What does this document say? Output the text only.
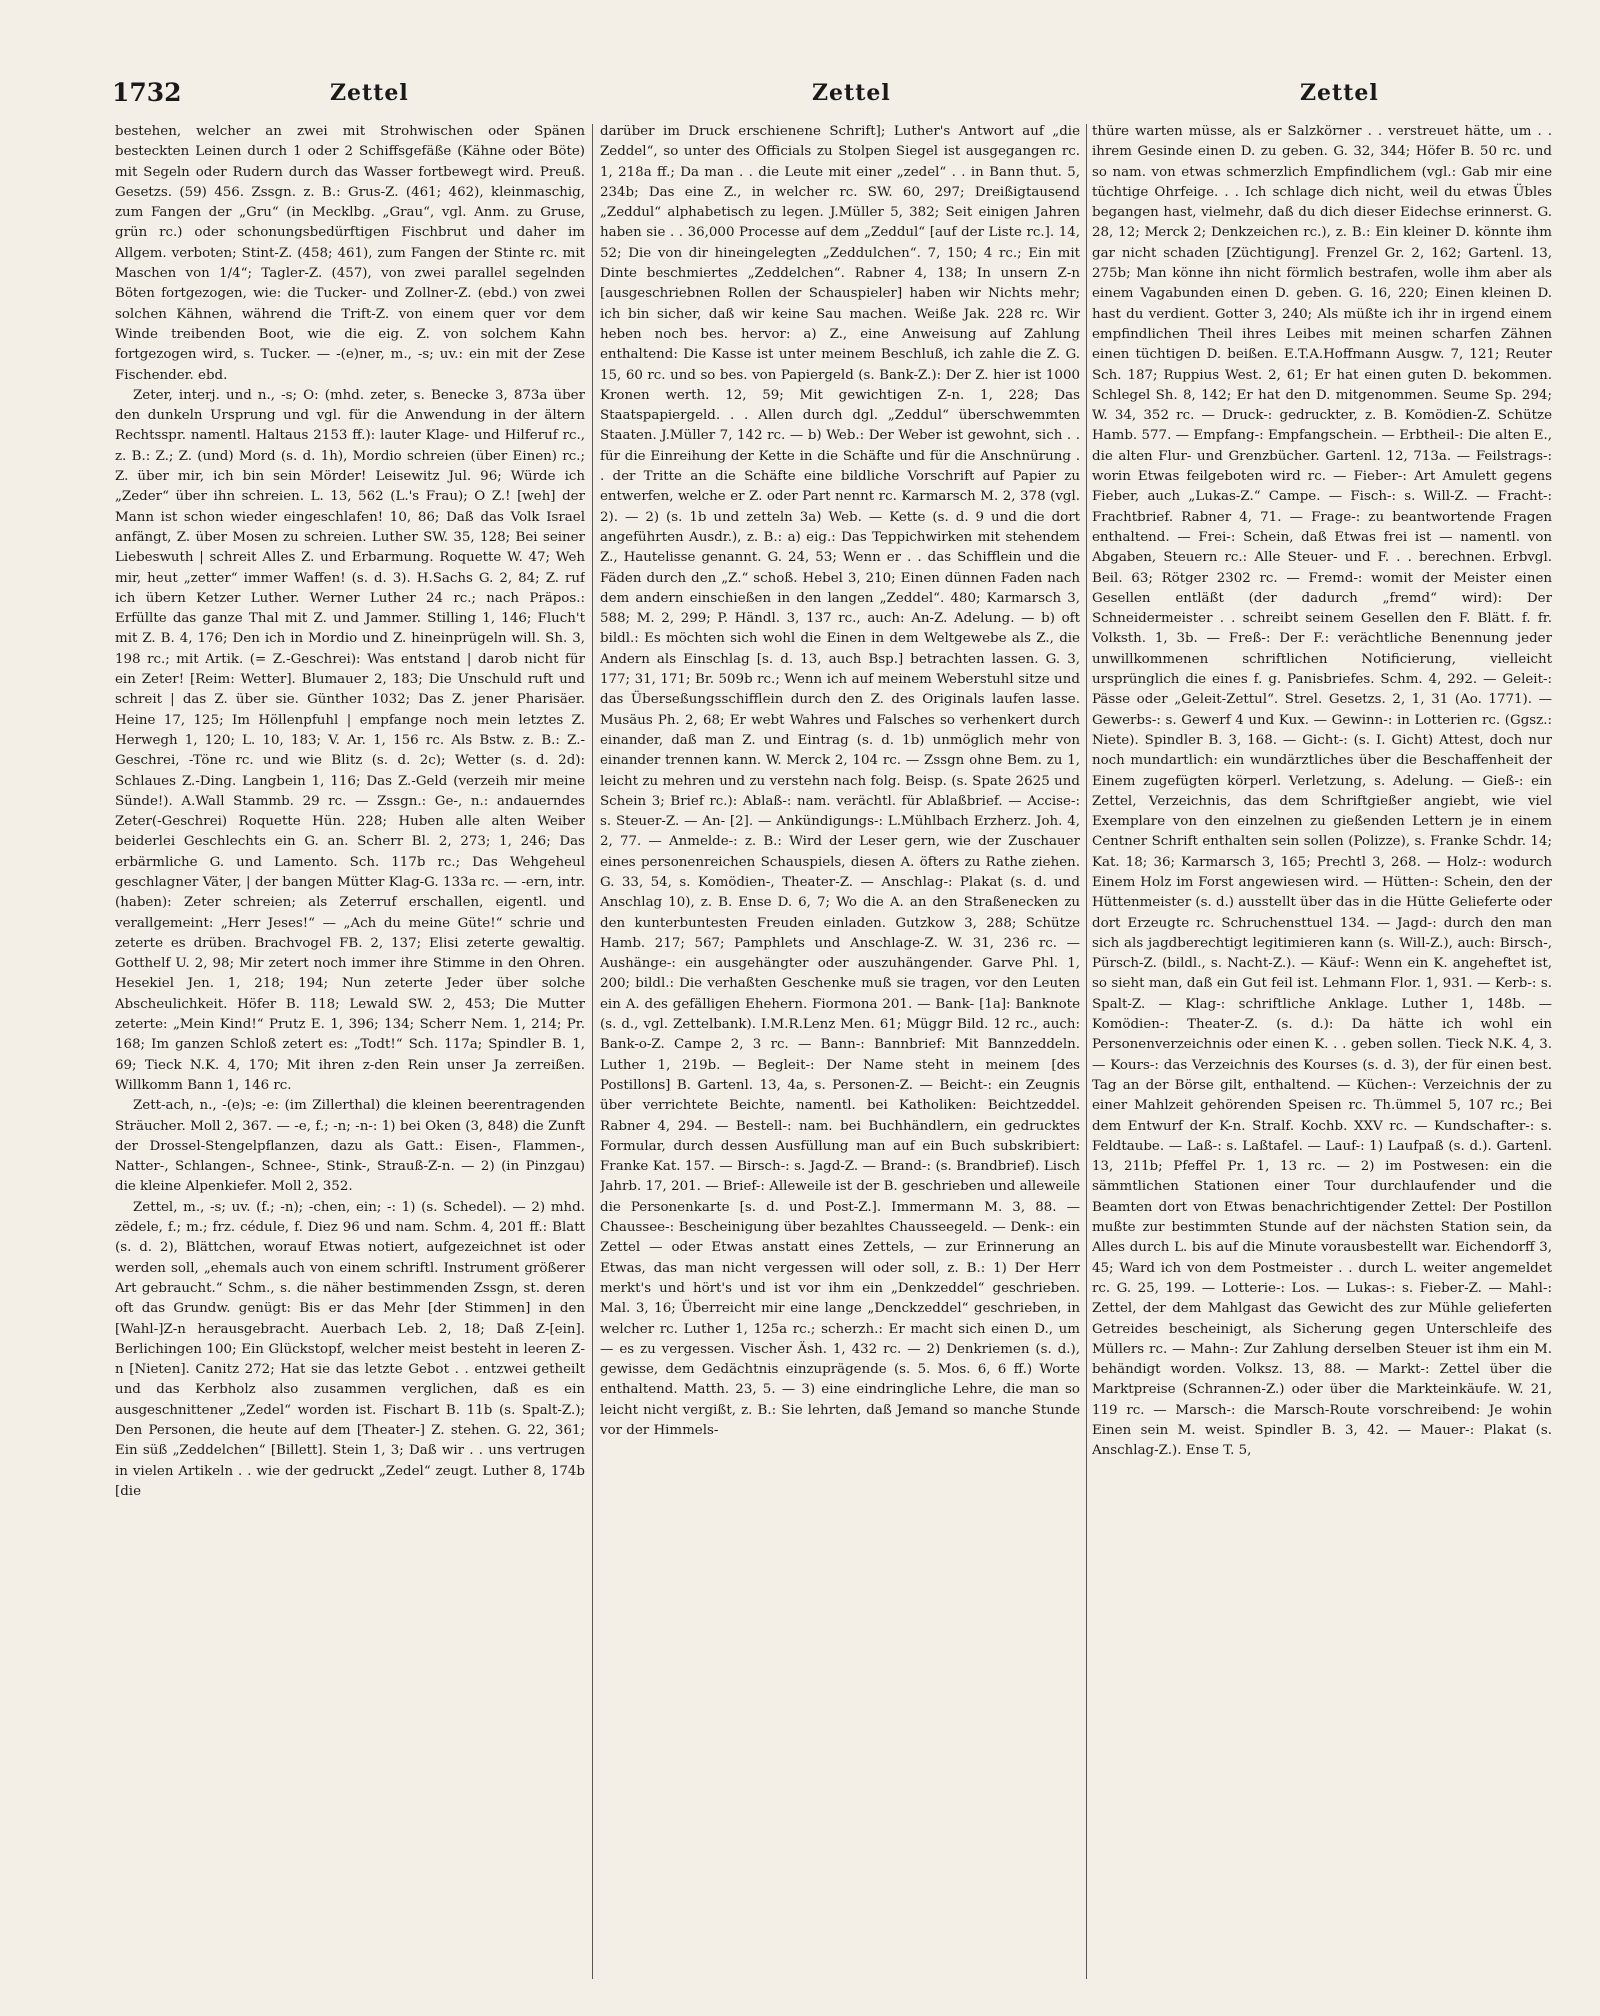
1732	Zettel	Zettel	Zettel

bestehen, welcher an zwei mit Strohwischen oder Spänen besteckten Leinen durch 1 oder 2 Schiffsgefäße (Kähne oder Böte) mit Segeln oder Rudern durch das Wasser fortbewegt wird. Preuß. Gesetzs. (59) 456. Zssgn. z. B.: Grus-Z. (461; 462), kleinmaschig, zum Fangen der „Gru“ (in Mecklbg. „Grau“, vgl. Anm. zu Gruse, grün rc.) oder schonungsbedürftigen Fischbrut und daher im Allgem. verboten; Stint-Z. (458; 461), zum Fangen der Stinte rc. mit Maschen von 1/4“; Tagler-Z. (457), von zwei parallel segelnden Böten fortgezogen, wie: die Tucker- und Zollner-Z. (ebd.) von zwei solchen Kähnen, während die Trift-Z. von einem quer vor dem Winde treibenden Boot, wie die eig. Z. von solchem Kahn fortgezogen wird, s. Tucker. — -(e)ner, m., -s; uv.: ein mit der Zese Fischender. ebd.

Zeter, interj. und n., -s; O: (mhd. zeter, s. Benecke 3, 873a über den dunkeln Ursprung und vgl. für die Anwendung in der ältern Rechtsspr. namentl. Haltaus 2153 ff.): lauter Klage- und Hilferuf rc., z. B.: Z.; Z. (und) Mord (s. d. 1h), Mordio schreien (über Einen) rc.; Z. über mir, ich bin sein Mörder! Leisewitz Jul. 96; Würde ich „Zeder“ über ihn schreien. L. 13, 562 (L.'s Frau); O Z.! [weh] der Mann ist schon wieder eingeschlafen! 10, 86; Daß das Volk Israel anfängt, Z. über Mosen zu schreien. Luther SW. 35, 128; Bei seiner Liebeswuth | schreit Alles Z. und Erbarmung. Roquette W. 47; Weh mir, heut „zetter“ immer Waffen! (s. d. 3). H.Sachs G. 2, 84; Z. ruf ich übern Ketzer Luther. Werner Luther 24 rc.; nach Präpos.: Erfüllte das ganze Thal mit Z. und Jammer. Stilling 1, 146; Fluch't mit Z. B. 4, 176; Den ich in Mordio und Z. hineinprügeln will. Sh. 3, 198 rc.; mit Artik. (= Z.-Geschrei): Was entstand | darob nicht für ein Zeter! [Reim: Wetter]. Blumauer 2, 183; Die Unschuld ruft und schreit | das Z. über sie. Günther 1032; Das Z. jener Pharisäer. Heine 17, 125; Im Höllenpfuhl | empfange noch mein letztes Z. Herwegh 1, 120; L. 10, 183; V. Ar. 1, 156 rc. Als Bstw. z. B.: Z.-Geschrei, -Töne rc. und wie Blitz (s. d. 2c); Wetter (s. d. 2d): Schlaues Z.-Ding. Langbein 1, 116; Das Z.-Geld (verzeih mir meine Sünde!). A.Wall Stammb. 29 rc. — Zssgn.: Ge-, n.: andauerndes Zeter(-Geschrei) Roquette Hün. 228; Huben alle alten Weiber beiderlei Geschlechts ein G. an. Scherr Bl. 2, 273; 1, 246; Das erbärmliche G. und Lamento. Sch. 117b rc.; Das Wehgeheul geschlagner Väter, | der bangen Mütter Klag-G. 133a rc. — -ern, intr. (haben): Zeter schreien; als Zeterruf erschallen, eigentl. und verallgemeint: „Herr Jeses!“ — „Ach du meine Güte!“ schrie und zeterte es drüben. Brachvogel FB. 2, 137; Elisi zeterte gewaltig. Gotthelf U. 2, 98; Mir zetert noch immer ihre Stimme in den Ohren. Hesekiel Jen. 1, 218; 194; Nun zeterte Jeder über solche Abscheulichkeit. Höfer B. 118; Lewald SW. 2, 453; Die Mutter zeterte: „Mein Kind!“ Prutz E. 1, 396; 134; Scherr Nem. 1, 214; Pr. 168; Im ganzen Schloß zetert es: „Todt!“ Sch. 117a; Spindler B. 1, 69; Tieck N.K. 4, 170; Mit ihren z-den Rein unser Ja zerreißen. Willkomm Bann 1, 146 rc.

Zett-ach, n., -(e)s; -e: (im Zillerthal) die kleinen beerentragenden Sträucher. Moll 2, 367. — -e, f.; -n; -n-: 1) bei Oken (3, 848) die Zunft der Drossel-Stengelpflanzen, dazu als Gatt.: Eisen-, Flammen-, Natter-, Schlangen-, Schnee-, Stink-, Strauß-Z-n. — 2) (in Pinzgau) die kleine Alpenkiefer. Moll 2, 352.

Zettel, m., -s; uv. (f.; -n); -chen, ein; -: 1) (s. Schedel). — 2) mhd. zëdele, f.; m.; frz. cédule, f. Diez 96 und nam. Schm. 4, 201 ff.: Blatt (s. d. 2), Blättchen, worauf Etwas notiert, aufgezeichnet ist oder werden soll, „ehemals auch von einem schriftl. Instrument größerer Art gebraucht.“ Schm., s. die näher bestimmenden Zssgn, st. deren oft das Grundw. genügt: Bis er das Mehr [der Stimmen] in den [Wahl-]Z-n herausgebracht. Auerbach Leb. 2, 18; Daß Z-[ein]. Berlichingen 100; Ein Glückstopf, welcher meist besteht in leeren Z-n [Nieten]. Canitz 272; Hat sie das letzte Gebot . . entzwei getheilt und das Kerbholz also zusammen verglichen, daß es ein ausgeschnittener „Zedel“ worden ist. Fischart B. 11b (s. Spalt-Z.); Den Personen, die heute auf dem [Theater-] Z. stehen. G. 22, 361; Ein süß „Zeddelchen“ [Billett]. Stein 1, 3; Daß wir . . uns vertrugen in vielen Artikeln . . wie der gedruckt „Zedel“ zeugt. Luther 8, 174b [die

darüber im Druck erschienene Schrift]; Luther's Antwort auf „die Zeddel“, so unter des Officials zu Stolpen Siegel ist ausgegangen rc. 1, 218a ff.; Da man . . die Leute mit einer „zedel“ . . in Bann thut. 5, 234b; Das eine Z., in welcher rc. SW. 60, 297; Dreißigtausend „Zeddul“ alphabetisch zu legen. J.Müller 5, 382; Seit einigen Jahren haben sie . . 36,000 Processe auf dem „Zeddul“ [auf der Liste rc.]. 14, 52; Die von dir hineingelegten „Zeddulchen“. 7, 150; 4 rc.; Ein mit Dinte beschmiertes „Zeddelchen“. Rabner 4, 138; In unsern Z-n [ausgeschriebnen Rollen der Schauspieler] haben wir Nichts mehr; ich bin sicher, daß wir keine Sau machen. Weiße Jak. 228 rc. Wir heben noch bes. hervor: a) Z., eine Anweisung auf Zahlung enthaltend: Die Kasse ist unter meinem Beschluß, ich zahle die Z. G. 15, 60 rc. und so bes. von Papiergeld (s. Bank-Z.): Der Z. hier ist 1000 Kronen werth. 12, 59; Mit gewichtigen Z-n. 1, 228; Das Staatspapiergeld. . . Allen durch dgl. „Zeddul“ überschwemmten Staaten. J.Müller 7, 142 rc. — b) Web.: Der Weber ist gewohnt, sich . . für die Einreihung der Kette in die Schäfte und für die Anschnürung . . der Tritte an die Schäfte eine bildliche Vorschrift auf Papier zu entwerfen, welche er Z. oder Part nennt rc. Karmarsch M. 2, 378 (vgl. 2). — 2) (s. 1b und zetteln 3a) Web. — Kette (s. d. 9 und die dort angeführten Ausdr.), z. B.: a) eig.: Das Teppichwirken mit stehendem Z., Hautelisse genannt. G. 24, 53; Wenn er . . das Schifflein und die Fäden durch den „Z.“ schoß. Hebel 3, 210; Einen dünnen Faden nach dem andern einschießen in den langen „Zeddel“. 480; Karmarsch 3, 588; M. 2, 299; P. Händl. 3, 137 rc., auch: An-Z. Adelung. — b) oft bildl.: Es möchten sich wohl die Einen in dem Weltgewebe als Z., die Andern als Einschlag [s. d. 13, auch Bsp.] betrachten lassen. G. 3, 177; 31, 171; Br. 509b rc.; Wenn ich auf meinem Weberstuhl sitze und das Überseßungsschifflein durch den Z. des Originals laufen lasse. Musäus Ph. 2, 68; Er webt Wahres und Falsches so verhenkert durch einander, daß man Z. und Eintrag (s. d. 1b) unmöglich mehr von einander trennen kann. W. Merck 2, 104 rc. — Zssgn ohne Bem. zu 1, leicht zu mehren und zu verstehn nach folg. Beisp. (s. Spate 2625 und Schein 3; Brief rc.): Ablaß-: nam. verächtl. für Ablaßbrief. — Accise-: s. Steuer-Z. — An- [2]. — Ankündigungs-: L.Mühlbach Erzherz. Joh. 4, 2, 77. — Anmelde-: z. B.: Wird der Leser gern, wie der Zuschauer eines personenreichen Schauspiels, diesen A. öfters zu Rathe ziehen. G. 33, 54, s. Komödien-, Theater-Z. — Anschlag-: Plakat (s. d. und Anschlag 10), z. B. Ense D. 6, 7; Wo die A. an den Straßenecken zu den kunterbuntesten Freuden einladen. Gutzkow 3, 288; Schütze Hamb. 217; 567; Pamphlets und Anschlage-Z. W. 31, 236 rc. — Aushänge-: ein ausgehängter oder auszuhängender. Garve Phl. 1, 200; bildl.: Die verhaßten Geschenke muß sie tragen, vor den Leuten ein A. des gefälligen Ehehern. Fiormona 201. — Bank- [1a]: Banknote (s. d., vgl. Zettelbank). I.M.R.Lenz Men. 61; Müggr Bild. 12 rc., auch: Bank-o-Z. Campe 2, 3 rc. — Bann-: Bannbrief: Mit Bannzeddeln. Luther 1, 219b. — Begleit-: Der Name steht in meinem [des Postillons] B. Gartenl. 13, 4a, s. Personen-Z. — Beicht-: ein Zeugnis über verrichtete Beichte, namentl. bei Katholiken: Beichtzeddel. Rabner 4, 294. — Bestell-: nam. bei Buchhändlern, ein gedrucktes Formular, durch dessen Ausfüllung man auf ein Buch subskribiert: Franke Kat. 157. — Birsch-: s. Jagd-Z. — Brand-: (s. Brandbrief). Lisch Jahrb. 17, 201. — Brief-: Alleweile ist der B. geschrieben und alleweile die Personenkarte [s. d. und Post-Z.]. Immermann M. 3, 88. — Chaussee-: Bescheinigung über bezahltes Chausseegeld. — Denk-: ein Zettel — oder Etwas anstatt eines Zettels, — zur Erinnerung an Etwas, das man nicht vergessen will oder soll, z. B.: 1) Der Herr merkt's und hört's und ist vor ihm ein „Denkzeddel“ geschrieben. Mal. 3, 16; Überreicht mir eine lange „Denckzeddel“ geschrieben, in welcher rc. Luther 1, 125a rc.; scherzh.: Er macht sich einen D., um — es zu vergessen. Vischer Äsh. 1, 432 rc. — 2) Denkriemen (s. d.), gewisse, dem Gedächtnis einzuprägende (s. 5. Mos. 6, 6 ff.) Worte enthaltend. Matth. 23, 5. — 3) eine eindringliche Lehre, die man so leicht nicht vergißt, z. B.: Sie lehrten, daß Jemand so manche Stunde vor der Himmels-

thüre warten müsse, als er Salzkörner . . verstreuet hätte, um . . ihrem Gesinde einen D. zu geben. G. 32, 344; Höfer B. 50 rc. und so nam. von etwas schmerzlich Empfindlichem (vgl.: Gab mir eine tüchtige Ohrfeige. . . Ich schlage dich nicht, weil du etwas Übles begangen hast, vielmehr, daß du dich dieser Eidechse erinnerst. G. 28, 12; Merck 2; Denkzeichen rc.), z. B.: Ein kleiner D. könnte ihm gar nicht schaden [Züchtigung]. Frenzel Gr. 2, 162; Gartenl. 13, 275b; Man könne ihn nicht förmlich bestrafen, wolle ihm aber als einem Vagabunden einen D. geben. G. 16, 220; Einen kleinen D. hast du verdient. Gotter 3, 240; Als müßte ich ihr in irgend einem empfindlichen Theil ihres Leibes mit meinen scharfen Zähnen einen tüchtigen D. beißen. E.T.A.Hoffmann Ausgw. 7, 121; Reuter Sch. 187; Ruppius West. 2, 61; Er hat einen guten D. bekommen. Schlegel Sh. 8, 142; Er hat den D. mitgenommen. Seume Sp. 294; W. 34, 352 rc. — Druck-: gedruckter, z. B. Komödien-Z. Schütze Hamb. 577. — Empfang-: Empfangschein. — Erbtheil-: Die alten E., die alten Flur- und Grenzbücher. Gartenl. 12, 713a. — Feilstrags-: worin Etwas feilgeboten wird rc. — Fieber-: Art Amulett gegens Fieber, auch „Lukas-Z.“ Campe. — Fisch-: s. Will-Z. — Fracht-: Frachtbrief. Rabner 4, 71. — Frage-: zu beantwortende Fragen enthaltend. — Frei-: Schein, daß Etwas frei ist — namentl. von Abgaben, Steuern rc.: Alle Steuer- und F. . . berechnen. Erbvgl. Beil. 63; Rötger 2302 rc. — Fremd-: womit der Meister einen Gesellen entläßt (der dadurch „fremd“ wird): Der Schneidermeister . . schreibt seinem Gesellen den F. Blätt. f. fr. Volksth. 1, 3b. — Freß-: Der F.: verächtliche Benennung jeder unwillkommenen schriftlichen Notificierung, vielleicht ursprünglich die eines f. g. Panisbriefes. Schm. 4, 292. — Geleit-: Pässe oder „Geleit-Zettul“. Strel. Gesetzs. 2, 1, 31 (Ao. 1771). — Gewerbs-: s. Gewerf 4 und Kux. — Gewinn-: in Lotterien rc. (Ggsz.: Niete). Spindler B. 3, 168. — Gicht-: (s. I. Gicht) Attest, doch nur noch mundartlich: ein wundärztliches über die Beschaffenheit der Einem zugefügten körperl. Verletzung, s. Adelung. — Gieß-: ein Zettel, Verzeichnis, das dem Schriftgießer angiebt, wie viel Exemplare von den einzelnen zu gießenden Lettern je in einem Centner Schrift enthalten sein sollen (Polizze), s. Franke Schdr. 14; Kat. 18; 36; Karmarsch 3, 165; Prechtl 3, 268. — Holz-: wodurch Einem Holz im Forst angewiesen wird. — Hütten-: Schein, den der Hüttenmeister (s. d.) ausstellt über das in die Hütte Gelieferte oder dort Erzeugte rc. Schruchensttuel 134. — Jagd-: durch den man sich als jagdberechtigt legitimieren kann (s. Will-Z.), auch: Birsch-, Pürsch-Z. (bildl., s. Nacht-Z.). — Käuf-: Wenn ein K. angeheftet ist, so sieht man, daß ein Gut feil ist. Lehmann Flor. 1, 931. — Kerb-: s. Spalt-Z. — Klag-: schriftliche Anklage. Luther 1, 148b. — Komödien-: Theater-Z. (s. d.): Da hätte ich wohl ein Personenverzeichnis oder einen K. . . geben sollen. Tieck N.K. 4, 3. — Kours-: das Verzeichnis des Kourses (s. d. 3), der für einen best. Tag an der Börse gilt, enthaltend. — Küchen-: Verzeichnis der zu einer Mahlzeit gehörenden Speisen rc. Th.ümmel 5, 107 rc.; Bei dem Entwurf der K-n. Stralf. Kochb. XXV rc. — Kundschafter-: s. Feldtaube. — Laß-: s. Laßtafel. — Lauf-: 1) Laufpaß (s. d.). Gartenl. 13, 211b; Pfeffel Pr. 1, 13 rc. — 2) im Postwesen: ein die sämmtlichen Stationen einer Tour durchlaufender und die Beamten dort von Etwas benachrichtigender Zettel: Der Postillon mußte zur bestimmten Stunde auf der nächsten Station sein, da Alles durch L. bis auf die Minute vorausbestellt war. Eichendorff 3, 45; Ward ich von dem Postmeister . . durch L. weiter angemeldet rc. G. 25, 199. — Lotterie-: Los. — Lukas-: s. Fieber-Z. — Mahl-: Zettel, der dem Mahlgast das Gewicht des zur Mühle gelieferten Getreides bescheinigt, als Sicherung gegen Unterschleife des Müllers rc. — Mahn-: Zur Zahlung derselben Steuer ist ihm ein M. behändigt worden. Volksz. 13, 88. — Markt-: Zettel über die Marktpreise (Schrannen-Z.) oder über die Markteinkäufe. W. 21, 119 rc. — Marsch-: die Marsch-Route vorschreibend: Je wohin Einen sein M. weist. Spindler B. 3, 42. — Mauer-: Plakat (s. Anschlag-Z.). Ense T. 5,
